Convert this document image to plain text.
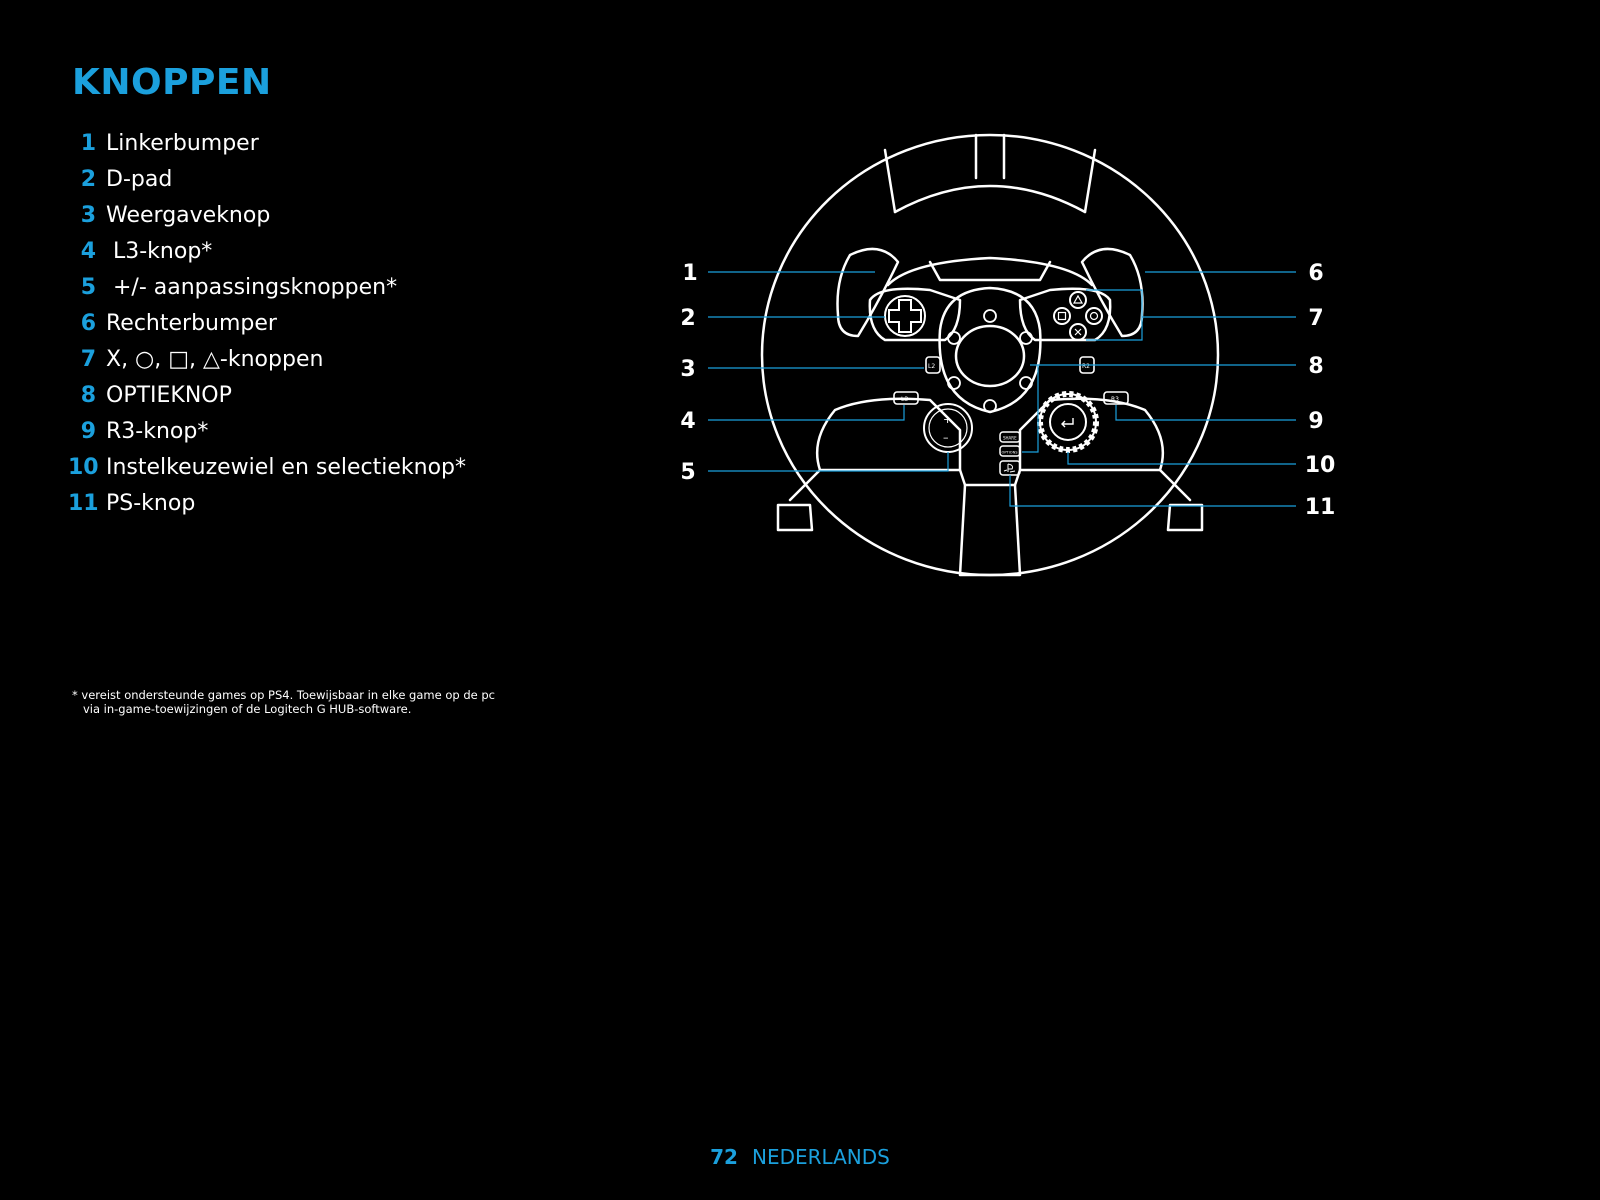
KNOPPEN
1 Linkerbumper
2 D-pad
3 Weergaveknop
4 L3-knop*
5 +/- aanpassingsknoppen*
6 Rechterbumper
7 X, ○, □, △-knoppen
8 OPTIEKNOP
9 R3-knop*
10 Instelkeuzewiel en selectieknop*
11 PS-knop

* vereist ondersteunde games op PS4. Toewijsbaar in elke game op de pc
via in-game-toewijzingen of de Logitech G HUB-software.

L2	R2
L3	R3
+
–	SHARE
OPTIONS
1
2
3
4
5
6
7
8
9
10
11
72 NEDERLANDS
